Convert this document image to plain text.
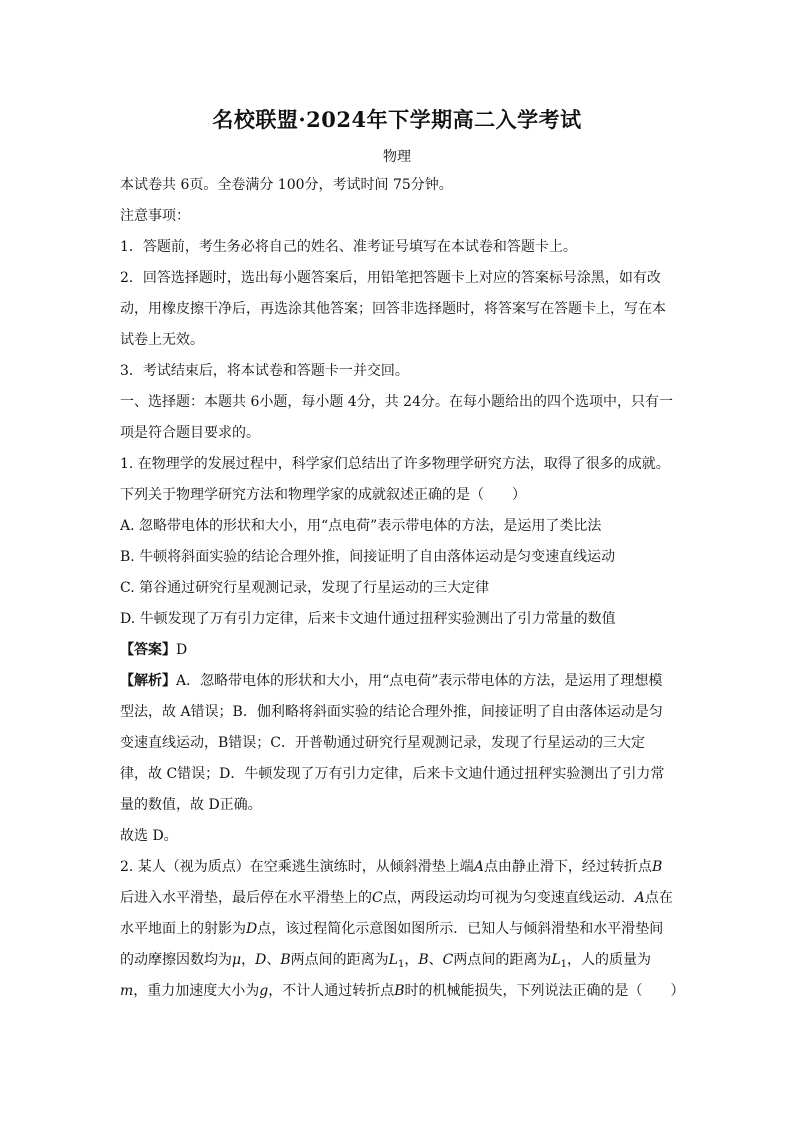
名校联盟·2024年下学期高二入学考试
物理

本试卷共 6页。全卷满分 100分，考试时间 75分钟。

注意事项：

1．答题前，考生务必将自己的姓名、准考证号填写在本试卷和答题卡上。

2．回答选择题时，选出每小题答案后，用铅笔把答题卡上对应的答案标号涂黑，如有改

动，用橡皮擦干净后，再选涂其他答案；回答非选择题时，将答案写在答题卡上，写在本

试卷上无效。

3．考试结束后，将本试卷和答题卡一并交回。

一、选择题：本题共 6小题，每小题 4分，共 24分。在每小题给出的四个选项中，只有一

项是符合题目要求的。

1. 在物理学的发展过程中，科学家们总结出了许多物理学研究方法，取得了很多的成就。

下列关于物理学研究方法和物理学家的成就叙述正确的是（　　）

A. 忽略带电体的形状和大小，用“点电荷”表示带电体的方法，是运用了类比法

B. 牛顿将斜面实验的结论合理外推，间接证明了自由落体运动是匀变速直线运动

C. 第谷通过研究行星观测记录，发现了行星运动的三大定律

D. 牛顿发现了万有引力定律，后来卡文迪什通过扭秤实验测出了引力常量的数值

【答案】D

【解析】A．忽略带电体的形状和大小，用“点电荷”表示带电体的方法，是运用了理想模

型法，故 A错误；B．伽利略将斜面实验的结论合理外推，间接证明了自由落体运动是匀

变速直线运动，B错误；C．开普勒通过研究行星观测记录，发现了行星运动的三大定

律，故 C错误；D．牛顿发现了万有引力定律，后来卡文迪什通过扭秤实验测出了引力常

量的数值，故 D正确。

故选 D。

2. 某人（视为质点）在空乘逃生演练时，从倾斜滑垫上端A点由静止滑下，经过转折点B

后进入水平滑垫，最后停在水平滑垫上的C点，两段运动均可视为匀变速直线运动．A点在

水平地面上的射影为D点，该过程简化示意图如图所示．已知人与倾斜滑垫和水平滑垫间

的动摩擦因数均为μ，D、B两点间的距离为$L_1$，B、C两点间的距离为$L_1$，人的质量为

m，重力加速度大小为g，不计人通过转折点B时的机械能损失，下列说法正确的是（　　）
